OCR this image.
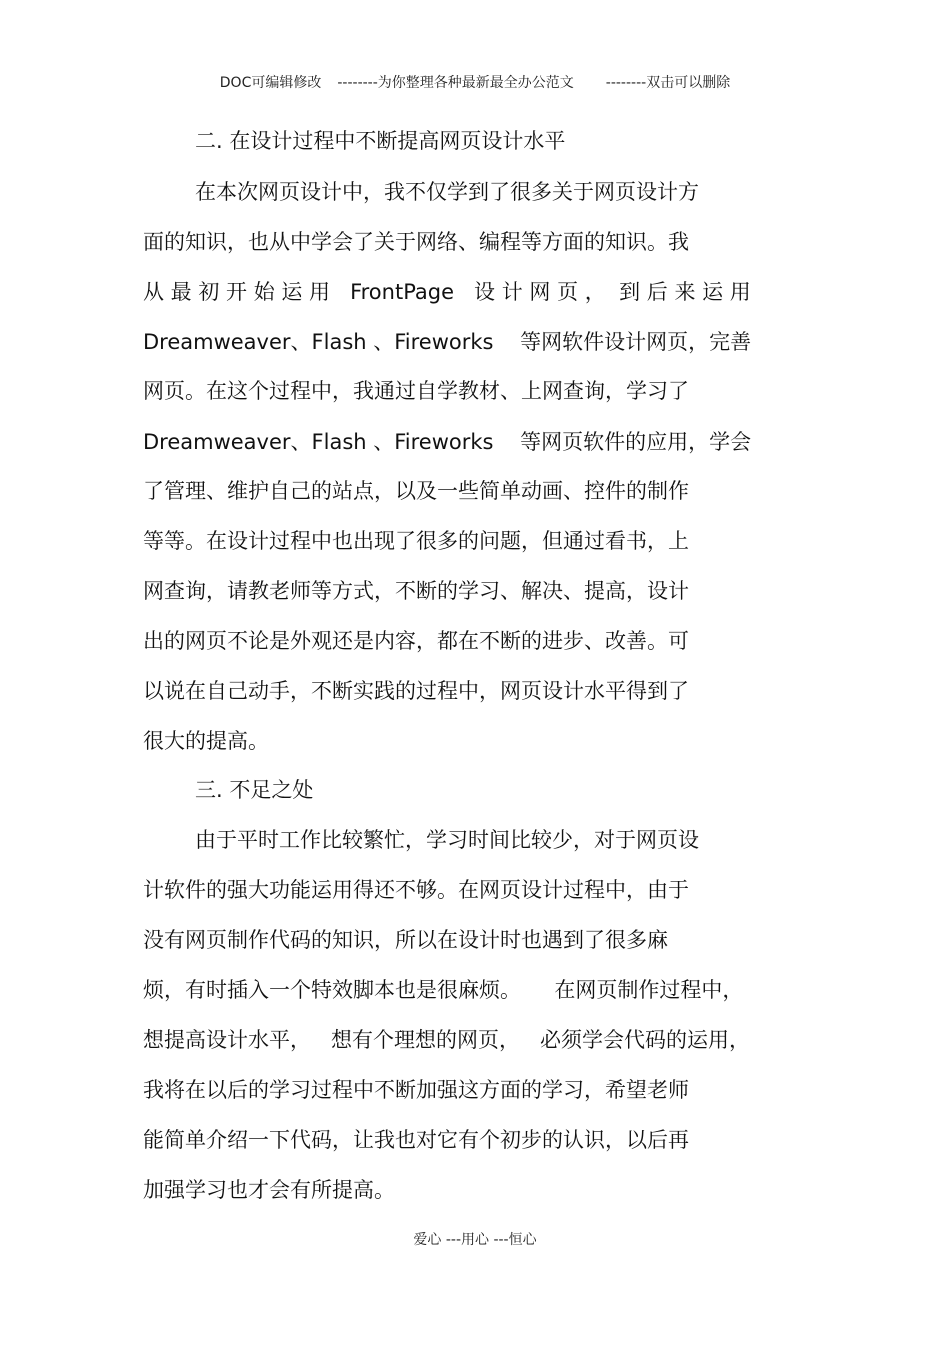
DOC可编辑修改 --------为你整理各种最新最全办公范文 --------双击可以删除
二. 在设计过程中不断提高网页设计水平
在本次网页设计中，我不仅学到了很多关于网页设计方
面的知识，也从中学会了关于网络、编程等方面的知识。我
从 最 初 开 始 运 用   FrontPage   设 计 网 页 ，  到 后 来 运 用
Dreamweaver、Flash 、Fireworks    等网软件设计网页，完善
网页。在这个过程中，我通过自学教材、上网查询，学习了
Dreamweaver、Flash 、Fireworks    等网页软件的应用，学会
了管理、维护自己的站点，以及一些简单动画、控件的制作
等等。在设计过程中也出现了很多的问题，但通过看书，上
网查询，请教老师等方式，不断的学习、解决、提高，设计
出的网页不论是外观还是内容，都在不断的进步、改善。可
以说在自己动手，不断实践的过程中，网页设计水平得到了
很大的提高。
三. 不足之处
由于平时工作比较繁忙，学习时间比较少，对于网页设
计软件的强大功能运用得还不够。在网页设计过程中，由于
没有网页制作代码的知识，所以在设计时也遇到了很多麻
烦，有时插入一个特效脚本也是很麻烦。     在网页制作过程中，
想提高设计水平，   想有个理想的网页，   必须学会代码的运用，
我将在以后的学习过程中不断加强这方面的学习，希望老师
能简单介绍一下代码，让我也对它有个初步的认识，以后再
加强学习也才会有所提高。
爱心 ---用心 ---恒心
